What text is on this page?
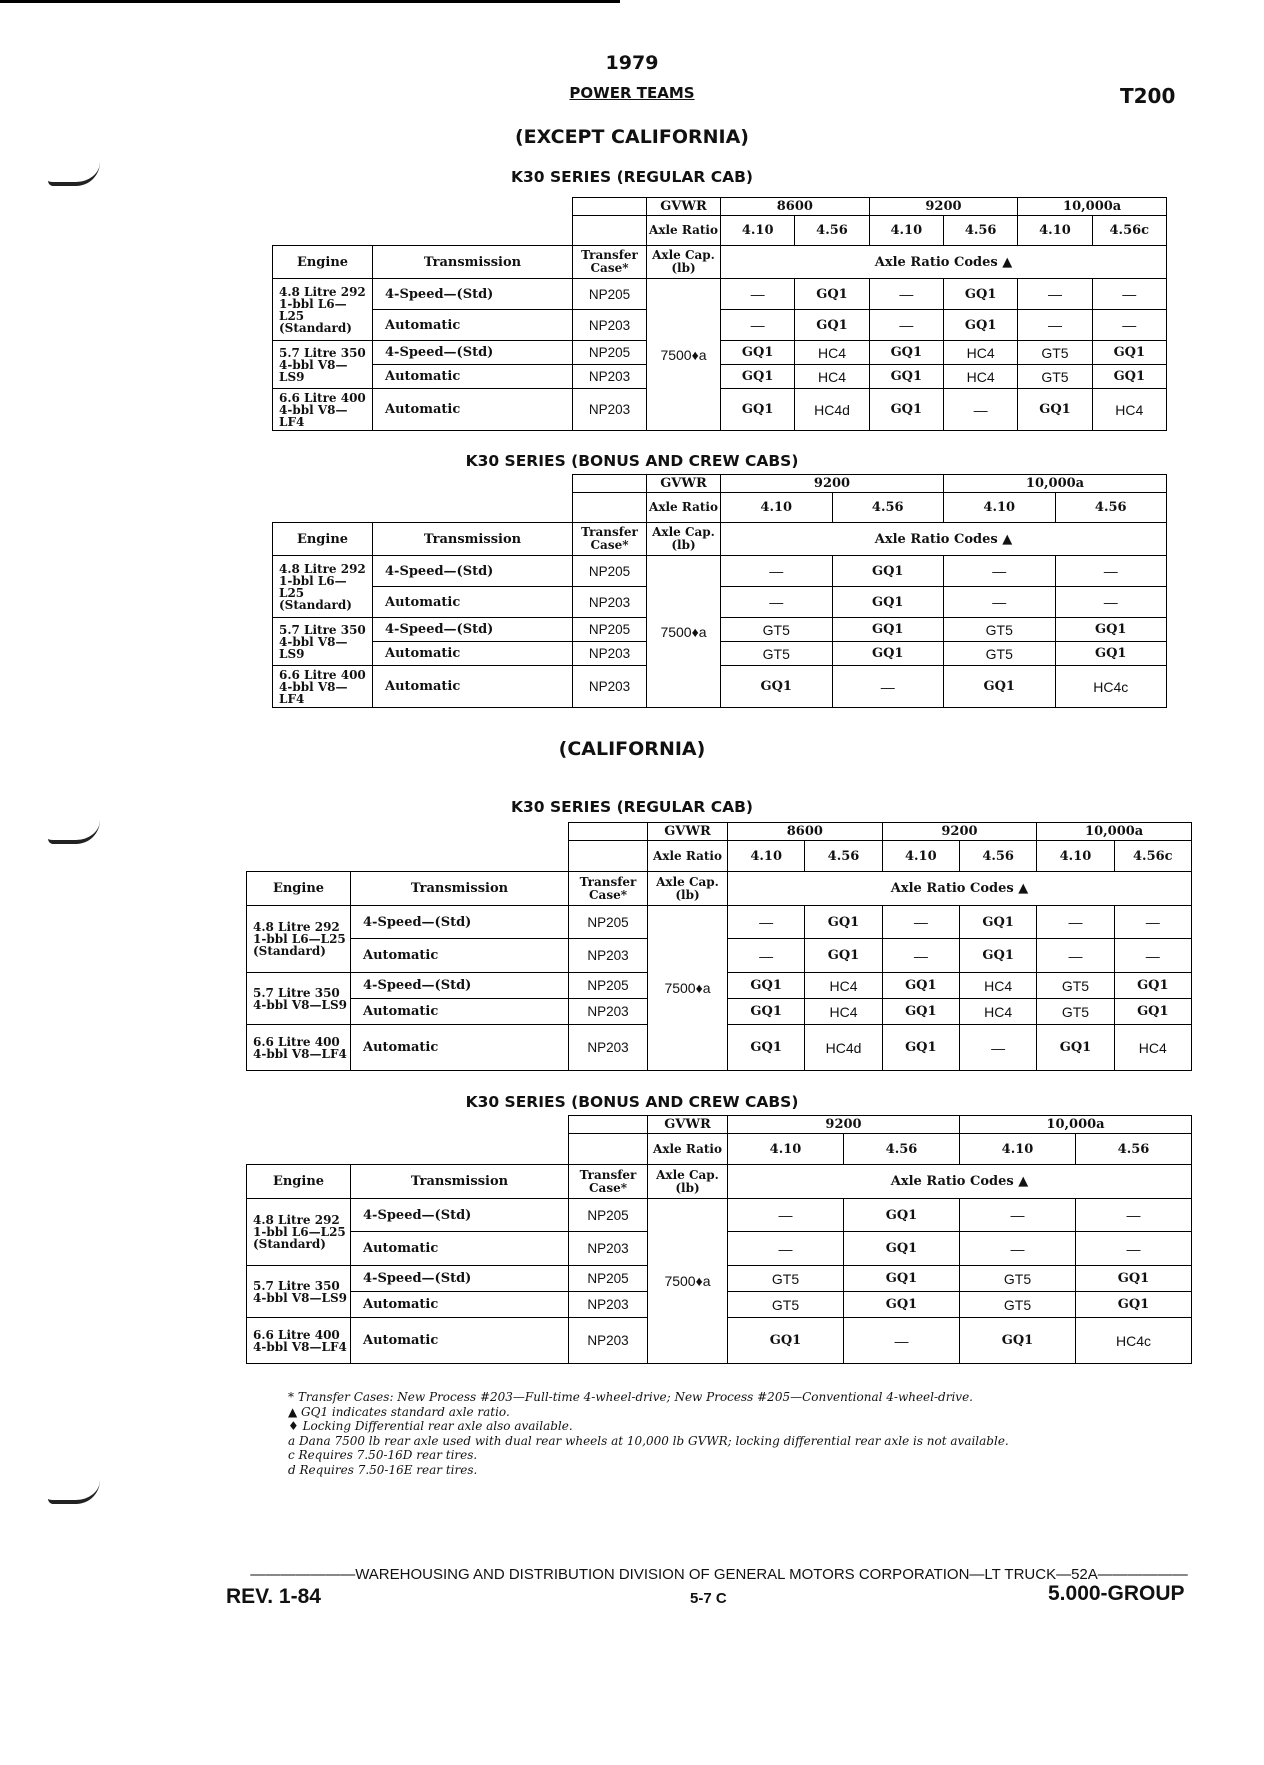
1979
POWER TEAMS	T200
(EXCEPT CALIFORNIA)
K30 SERIES (REGULAR CAB)
K30 SERIES (BONUS AND CREW CABS)
(CALIFORNIA)
K30 SERIES (REGULAR CAB)
K30 SERIES (BONUS AND CREW CABS)
			GVWR	8600		9200		10,000a	
			Axle Ratio	4.10	4.56	4.10	4.56	4.10	4.56c
Engine	Transmission	Transfer Case*	Axle Cap. (lb)	Axle Ratio Codes ▲					
4.8 Litre 292 1-bbl L6—L25 (Standard)	4-Speed—(Std)	NP205	7500♦a	—	GQ1	—	GQ1	—	—
	Automatic	NP203		—	GQ1	—	GQ1	—	—
5.7 Litre 350 4-bbl V8—LS9	4-Speed—(Std)	NP205		GQ1	HC4	GQ1	HC4	GT5	GQ1
	Automatic	NP203		GQ1	HC4	GQ1	HC4	GT5	GQ1
6.6 Litre 400 4-bbl V8—LF4	Automatic	NP203		GQ1	HC4d	GQ1	—	GQ1	HC4
			GVWR	9200		10,000a	
			Axle Ratio	4.10	4.56	4.10	4.56
Engine	Transmission	Transfer Case*	Axle Cap. (lb)	Axle Ratio Codes ▲			
4.8 Litre 292 1-bbl L6—L25 (Standard)	4-Speed—(Std)	NP205	7500♦a	—	GQ1	—	—
	Automatic	NP203		—	GQ1	—	—
5.7 Litre 350 4-bbl V8—LS9	4-Speed—(Std)	NP205		GT5	GQ1	GT5	GQ1
	Automatic	NP203		GT5	GQ1	GT5	GQ1
6.6 Litre 400 4-bbl V8—LF4	Automatic	NP203		GQ1	—	GQ1	HC4c
			GVWR	8600		9200		10,000a	
			Axle Ratio	4.10	4.56	4.10	4.56	4.10	4.56c
Engine	Transmission	Transfer Case*	Axle Cap. (lb)	Axle Ratio Codes ▲					
4.8 Litre 292 1-bbl L6—L25 (Standard)	4-Speed—(Std)	NP205	7500♦a	—	GQ1	—	GQ1	—	—
	Automatic	NP203		—	GQ1	—	GQ1	—	—
5.7 Litre 350 4-bbl V8—LS9	4-Speed—(Std)	NP205		GQ1	HC4	GQ1	HC4	GT5	GQ1
	Automatic	NP203		GQ1	HC4	GQ1	HC4	GT5	GQ1
6.6 Litre 400 4-bbl V8—LF4	Automatic	NP203		GQ1	HC4d	GQ1	—	GQ1	HC4
			GVWR	9200		10,000a	
			Axle Ratio	4.10	4.56	4.10	4.56
Engine	Transmission	Transfer Case*	Axle Cap. (lb)	Axle Ratio Codes ▲			
4.8 Litre 292 1-bbl L6—L25 (Standard)	4-Speed—(Std)	NP205	7500♦a	—	GQ1	—	—
	Automatic	NP203		—	GQ1	—	—
5.7 Litre 350 4-bbl V8—LS9	4-Speed—(Std)	NP205		GT5	GQ1	GT5	GQ1
	Automatic	NP203		GT5	GQ1	GT5	GQ1
6.6 Litre 400 4-bbl V8—LF4	Automatic	NP203		GQ1	—	GQ1	HC4c
* Transfer Cases: New Process #203—Full-time 4-wheel-drive; New Process #205—Conventional 4-wheel-drive.
▲ GQ1 indicates standard axle ratio.
♦ Locking Differential rear axle also available.
a Dana 7500 lb rear axle used with dual rear wheels at 10,000 lb GVWR; locking differential rear axle is not available.
c Requires 7.50-16D rear tires.
d Requires 7.50-16E rear tires.
———————WAREHOUSING AND DISTRIBUTION DIVISION OF GENERAL MOTORS CORPORATION—LT TRUCK—52A——————
REV. 1-84	5-7 C	5.000-GROUP
